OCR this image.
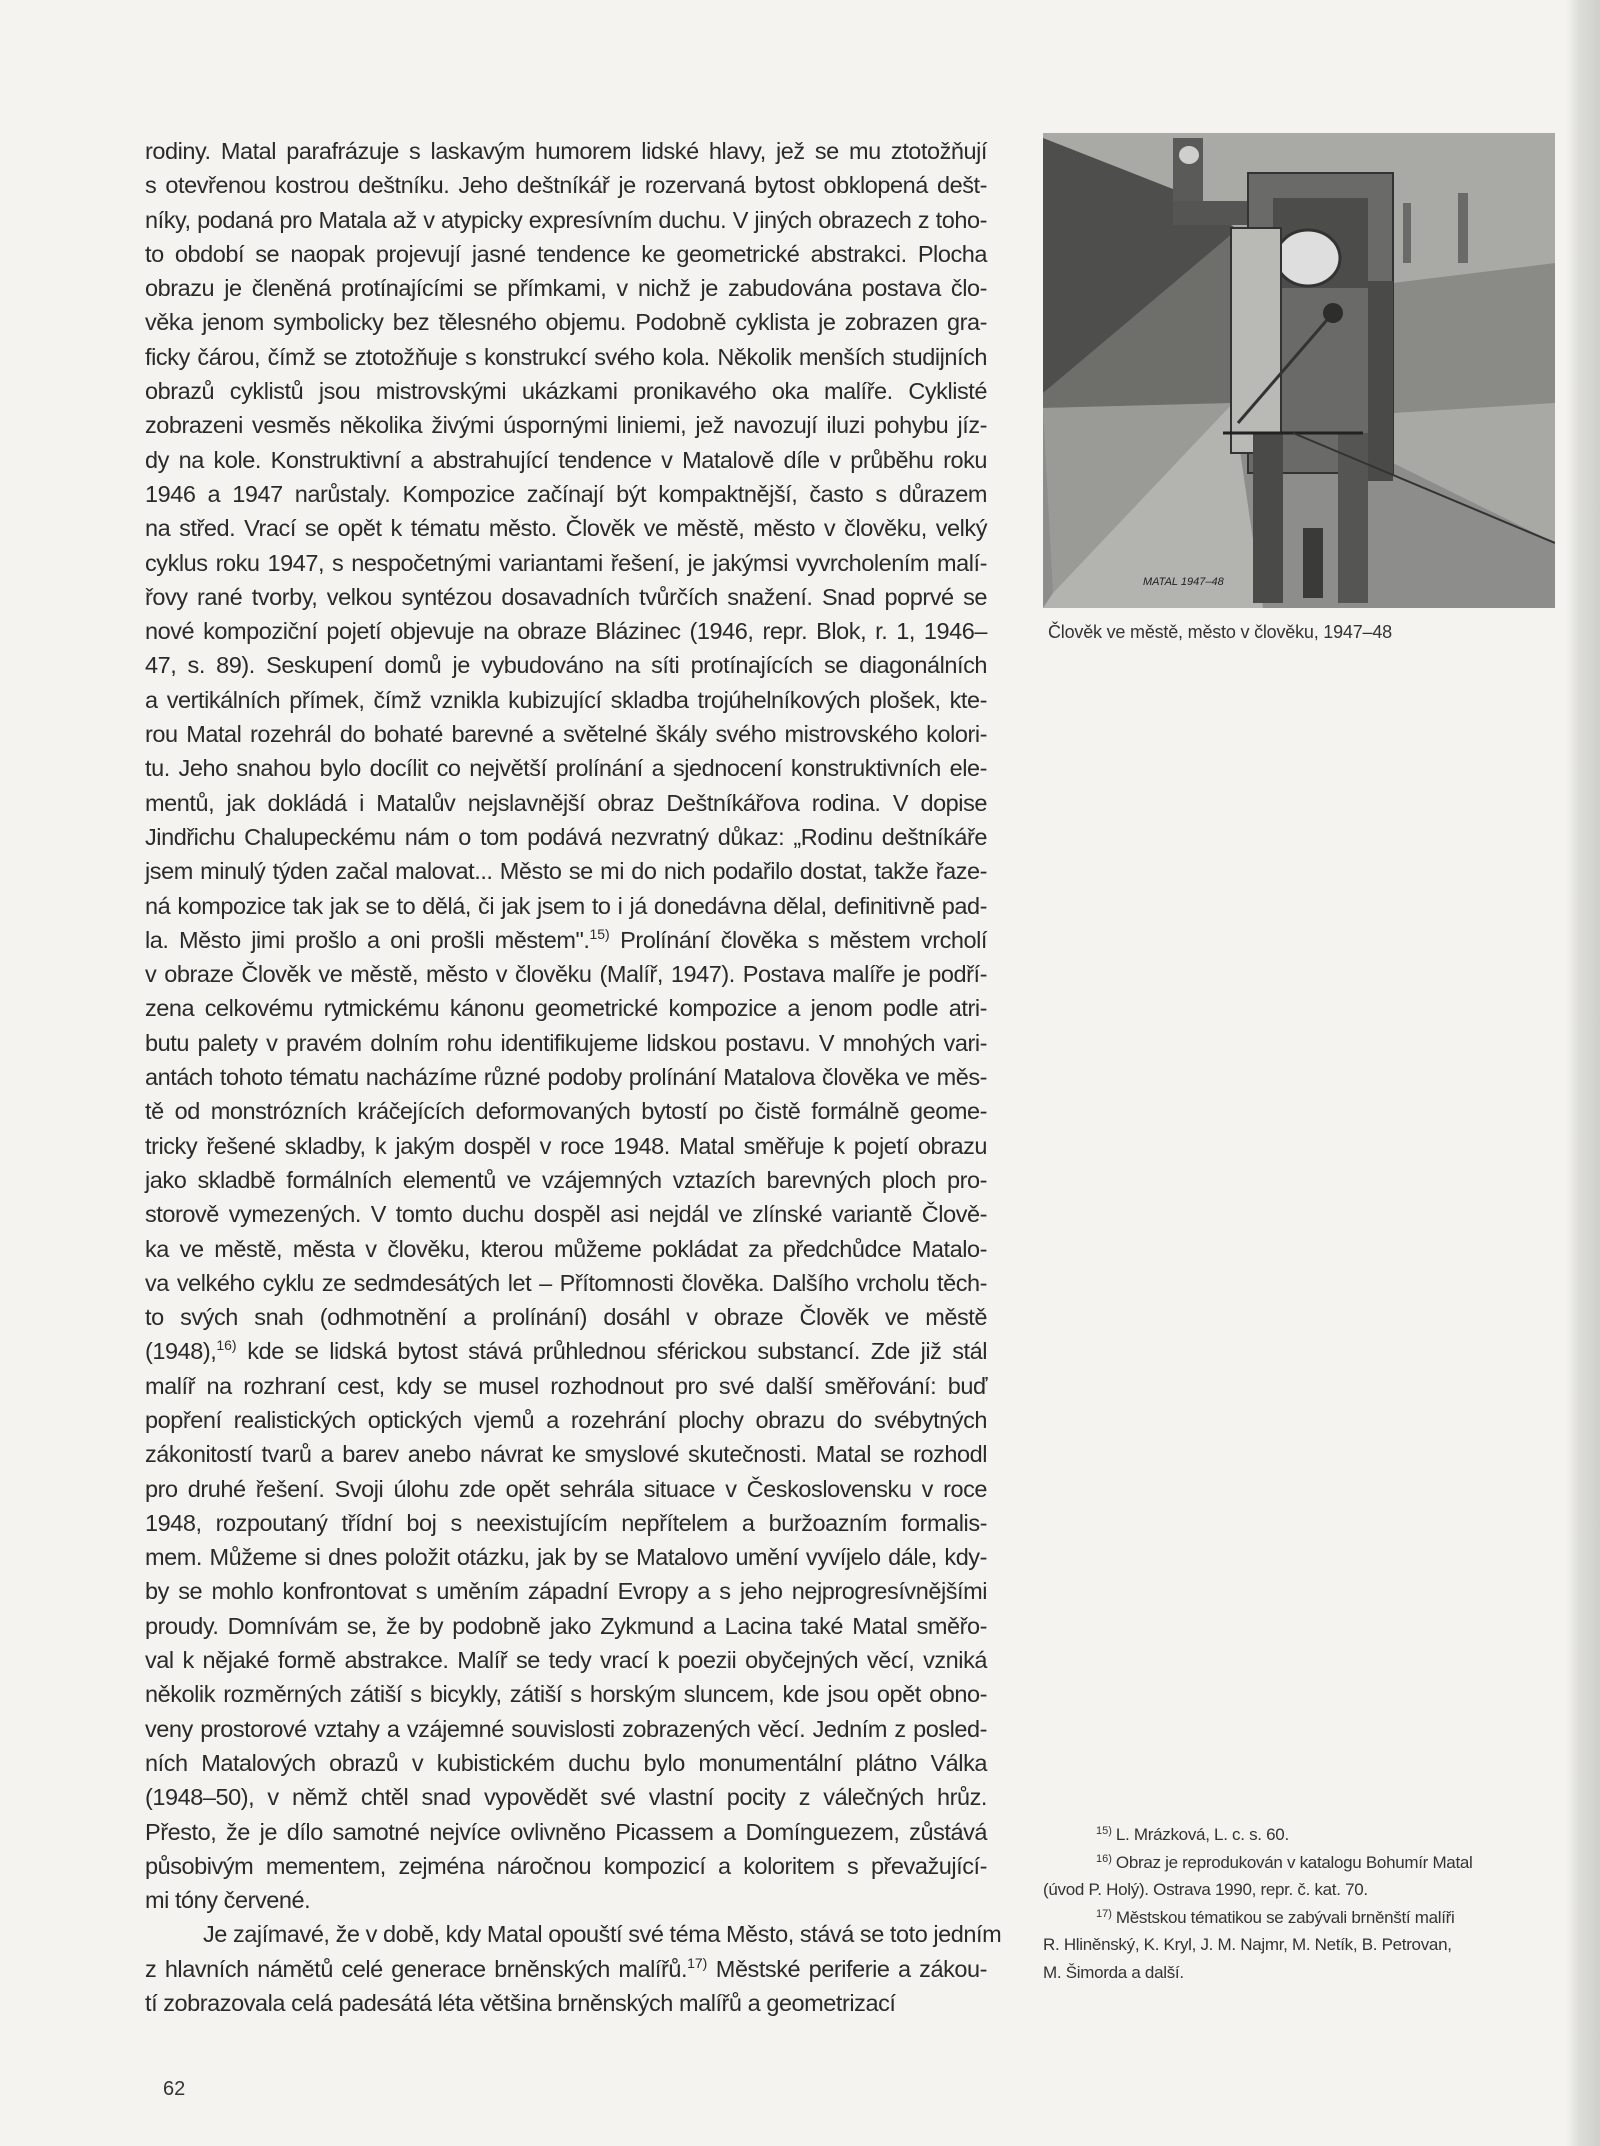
rodiny. Matal parafrázuje s laskavým humorem lidské hlavy, jež se mu ztotožňují
s otevřenou kostrou deštníku. Jeho deštníkář je rozervaná bytost obklopená dešt-
níky, podaná pro Matala až v atypicky expresívním duchu. V jiných obrazech z toho-
to období se naopak projevují jasné tendence ke geometrické abstrakci. Plocha
obrazu je členěná protínajícími se přímkami, v nichž je zabudována postava člo-
věka jenom symbolicky bez tělesného objemu. Podobně cyklista je zobrazen gra-
ficky čárou, čímž se ztotožňuje s konstrukcí svého kola. Několik menších studijních
obrazů cyklistů jsou mistrovskými ukázkami pronikavého oka malíře. Cyklisté
zobrazeni vesměs několika živými úspornými liniemi, jež navozují iluzi pohybu jíz-
dy na kole. Konstruktivní a abstrahující tendence v Matalově díle v průběhu roku
1946 a 1947 narůstaly. Kompozice začínají být kompaktnější, často s důrazem
na střed. Vrací se opět k tématu město. Člověk ve městě, město v člověku, velký
cyklus roku 1947, s nespočetnými variantami řešení, je jakýmsi vyvrcholením malí-
řovy rané tvorby, velkou syntézou dosavadních tvůrčích snažení. Snad poprvé se
nové kompoziční pojetí objevuje na obraze Blázinec (1946, repr. Blok, r. 1, 1946–
47, s. 89). Seskupení domů je vybudováno na síti protínajících se diagonálních
a vertikálních přímek, čímž vznikla kubizující skladba trojúhelníkových plošek, kte-
rou Matal rozehrál do bohaté barevné a světelné škály svého mistrovského kolori-
tu. Jeho snahou bylo docílit co největší prolínání a sjednocení konstruktivních ele-
mentů, jak dokládá i Matalův nejslavnější obraz Deštníkářova rodina. V dopise
Jindřichu Chalupeckému nám o tom podává nezvratný důkaz: „Rodinu deštníkáře
jsem minulý týden začal malovat... Město se mi do nich podařilo dostat, takže řaze-
ná kompozice tak jak se to dělá, či jak jsem to i já donedávna dělal, definitivně pad-
la. Město jimi prošlo a oni prošli městem".$^{15)}$ Prolínání člověka s městem vrcholí
v obraze Člověk ve městě, město v člověku (Malíř, 1947). Postava malíře je podří-
zena celkovému rytmickému kánonu geometrické kompozice a jenom podle atri-
butu palety v pravém dolním rohu identifikujeme lidskou postavu. V mnohých vari-
antách tohoto tématu nacházíme různé podoby prolínání Matalova člověka ve měs-
tě od monstrózních kráčejících deformovaných bytostí po čistě formálně geome-
tricky řešené skladby, k jakým dospěl v roce 1948. Matal směřuje k pojetí obrazu
jako skladbě formálních elementů ve vzájemných vztazích barevných ploch pro-
storově vymezených. V tomto duchu dospěl asi nejdál ve zlínské variantě Člově-
ka ve městě, města v člověku, kterou můžeme pokládat za předchůdce Matalo-
va velkého cyklu ze sedmdesátých let – Přítomnosti člověka. Dalšího vrcholu těch-
to svých snah (odhmotnění a prolínání) dosáhl v obraze Člověk ve městě
(1948),$^{16)}$ kde se lidská bytost stává průhlednou sférickou substancí. Zde již stál
malíř na rozhraní cest, kdy se musel rozhodnout pro své další směřování: buď
popření realistických optických vjemů a rozehrání plochy obrazu do svébytných
zákonitostí tvarů a barev anebo návrat ke smyslové skutečnosti. Matal se rozhodl
pro druhé řešení. Svoji úlohu zde opět sehrála situace v Československu v roce
1948, rozpoutaný třídní boj s neexistujícím nepřítelem a buržoazním formalis-
mem. Můžeme si dnes položit otázku, jak by se Matalovo umění vyvíjelo dále, kdy-
by se mohlo konfrontovat s uměním západní Evropy a s jeho nejprogresívnějšími
proudy. Domnívám se, že by podobně jako Zykmund a Lacina také Matal směřo-
val k nějaké formě abstrakce. Malíř se tedy vrací k poezii obyčejných věcí, vzniká
několik rozměrných zátiší s bicykly, zátiší s horským sluncem, kde jsou opět obno-
veny prostorové vztahy a vzájemné souvislosti zobrazených věcí. Jedním z posled-
ních Matalových obrazů v kubistickém duchu bylo monumentální plátno Válka
(1948–50), v němž chtěl snad vypovědět své vlastní pocity z válečných hrůz.
Přesto, že je dílo samotné nejvíce ovlivněno Picassem a Domínguezem, zůstává
působivým mementem, zejména náročnou kompozicí a koloritem s převažující-
mi tóny červené.
Je zajímavé, že v době, kdy Matal opouští své téma Město, stává se toto jedním
z hlavních námětů celé generace brněnských malířů.$^{17)}$ Městské periferie a zákou-
tí zobrazovala celá padesátá léta většina brněnských malířů a geometrizací
MATAL 1947–48
Člověk ve městě, město v člověku, 1947–48
$^{15)}$ L. Mrázková, L. c. s. 60.
$^{16)}$ Obraz je reprodukován v katalogu Bohumír Matal
(úvod P. Holý). Ostrava 1990, repr. č. kat. 70.
$^{17)}$ Městskou tématikou se zabývali brněnští malíři
R. Hliněnský, K. Kryl, J. M. Najmr, M. Netík, B. Petrovan,
M. Šimorda a další.
62
